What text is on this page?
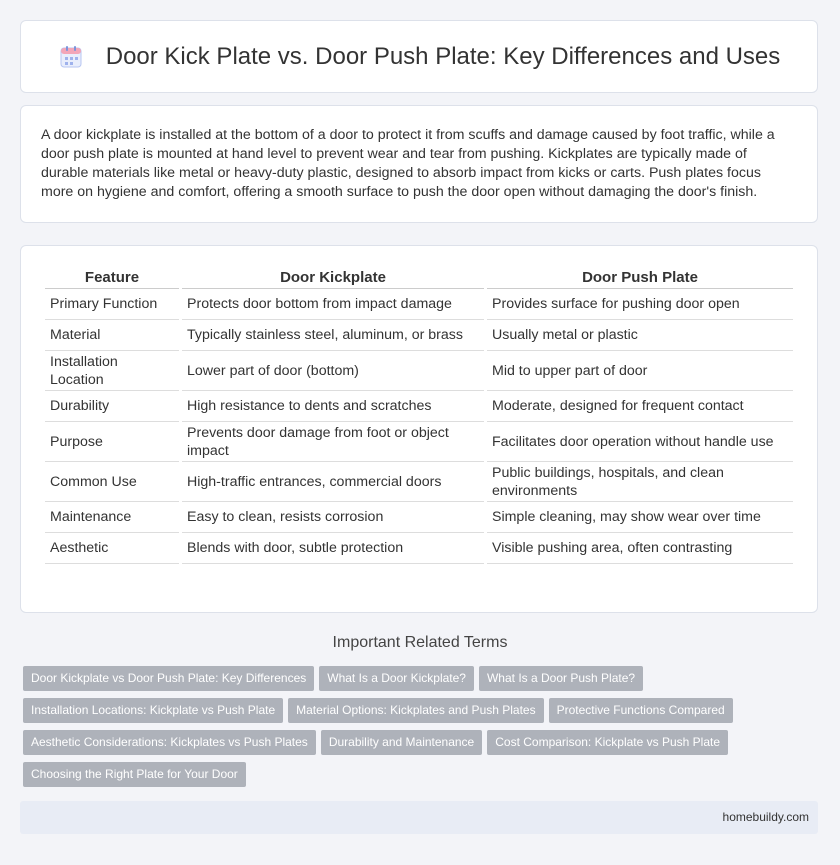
Door Kick Plate vs. Door Push Plate: Key Differences and Uses

A door kickplate is installed at the bottom of a door to protect it from scuffs and damage caused by foot traffic, while a door push plate is mounted at hand level to prevent wear and tear from pushing. Kickplates are typically made of durable materials like metal or heavy-duty plastic, designed to absorb impact from kicks or carts. Push plates focus more on hygiene and comfort, offering a smooth surface to push the door open without damaging the door's finish.

Feature	Door Kickplate	Door Push Plate
Primary Function	Protects door bottom from impact damage	Provides surface for pushing door open
Material	Typically stainless steel, aluminum, or brass	Usually metal or plastic
Installation Location	Lower part of door (bottom)	Mid to upper part of door
Durability	High resistance to dents and scratches	Moderate, designed for frequent contact
Purpose	Prevents door damage from foot or object impact	Facilitates door operation without handle use
Common Use	High-traffic entrances, commercial doors	Public buildings, hospitals, and clean environments
Maintenance	Easy to clean, resists corrosion	Simple cleaning, may show wear over time
Aesthetic	Blends with door, subtle protection	Visible pushing area, often contrasting
Important Related Terms
Door Kickplate vs Door Push Plate: Key Differences What Is a Door Kickplate? What Is a Door Push Plate?
Installation Locations: Kickplate vs Push Plate Material Options: Kickplates and Push Plates Protective Functions Compared
Aesthetic Considerations: Kickplates vs Push Plates Durability and Maintenance Cost Comparison: Kickplate vs Push Plate
Choosing the Right Plate for Your Door
homebuildy.com
